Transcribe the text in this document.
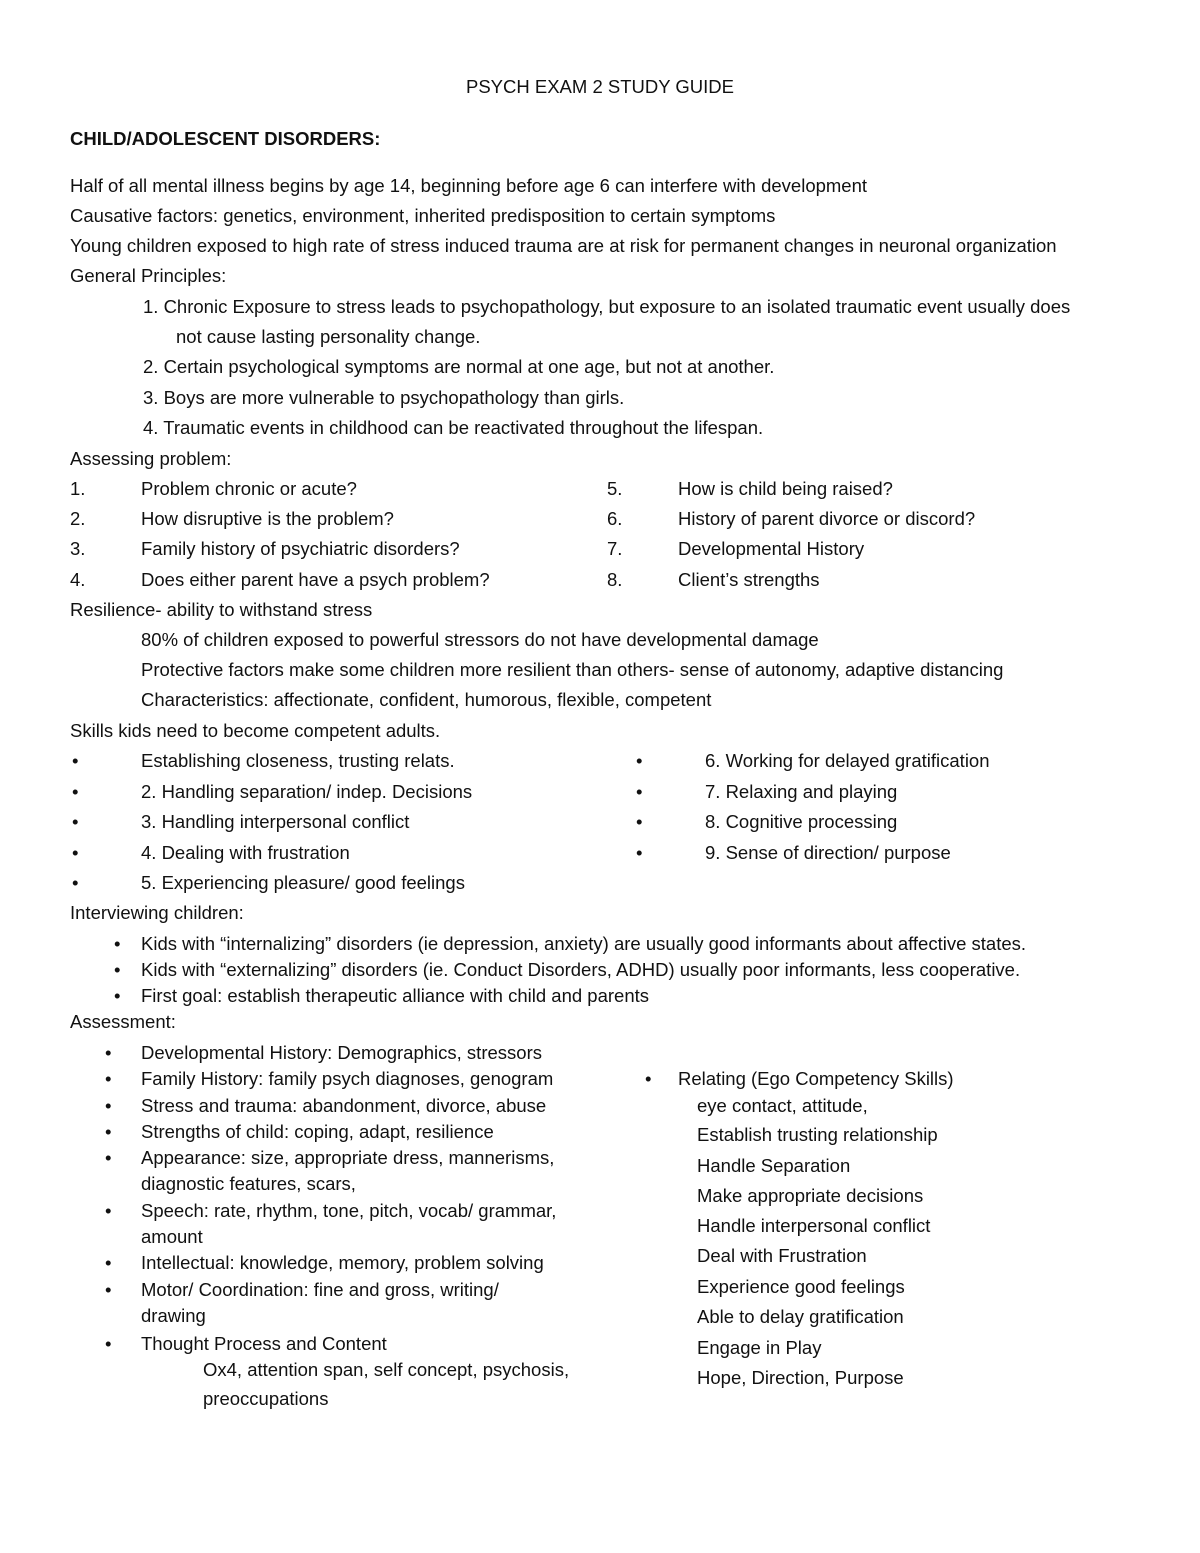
PSYCH EXAM 2 STUDY GUIDE
CHILD/ADOLESCENT DISORDERS:
Half of all mental illness begins by age 14, beginning before age 6 can interfere with development
Causative factors: genetics, environment, inherited predisposition to certain symptoms
Young children exposed to high rate of stress induced trauma are at risk for permanent changes in neuronal organization
General Principles:
1. Chronic Exposure to stress leads to psychopathology, but exposure to an isolated traumatic event usually does
not cause lasting personality change.
2. Certain psychological symptoms are normal at one age, but not at another.
3. Boys are more vulnerable to psychopathology than girls.
4. Traumatic events in childhood can be reactivated throughout the lifespan.
Assessing problem:
1.	Problem chronic or acute?
2.	How disruptive is the problem?
3.	Family history of psychiatric disorders?
4.	Does either parent have a psych problem?
5.	How is child being raised?
6.	History of parent divorce or discord?
7.	Developmental History
8.	Client’s strengths
Resilience- ability to withstand stress
80% of children exposed to powerful stressors do not have developmental damage
Protective factors make some children more resilient than others- sense of autonomy, adaptive distancing
Characteristics: affectionate, confident, humorous, flexible, competent
Skills kids need to become competent adults.
•	Establishing closeness, trusting relats.
•	2. Handling separation/ indep. Decisions
•	3. Handling interpersonal conflict
•	4. Dealing with frustration
•	5. Experiencing pleasure/ good feelings
•	6. Working for delayed gratification
•	7. Relaxing and playing
•	8. Cognitive processing
•	9. Sense of direction/ purpose
Interviewing children:
• Kids with “internalizing” disorders (ie depression, anxiety) are usually good informants about affective states.
• Kids with “externalizing” disorders (ie. Conduct Disorders, ADHD) usually poor informants, less cooperative.
• First goal: establish therapeutic alliance with child and parents
Assessment:
• Developmental History: Demographics, stressors
• Family History: family psych diagnoses, genogram
• Stress and trauma: abandonment, divorce, abuse
• Strengths of child: coping, adapt, resilience
• Appearance: size, appropriate dress, mannerisms,
diagnostic features, scars,
• Speech: rate, rhythm, tone, pitch, vocab/ grammar,
amount
• Intellectual: knowledge, memory, problem solving
• Motor/ Coordination: fine and gross, writing/
drawing
• Thought Process and Content
Ox4, attention span, self concept, psychosis,
preoccupations
• Relating (Ego Competency Skills)
eye contact, attitude,
Establish trusting relationship
Handle Separation
Make appropriate decisions
Handle interpersonal conflict
Deal with Frustration
Experience good feelings
Able to delay gratification
Engage in Play
Hope, Direction, Purpose
